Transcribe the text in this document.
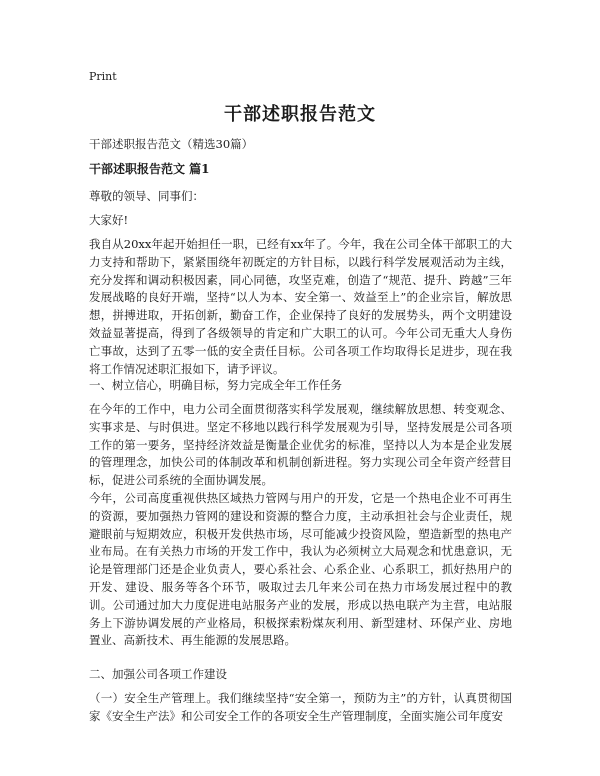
Print
干部述职报告范文
干部述职报告范文（精选30篇）
干部述职报告范文 篇1
尊敬的领导、同事们：
大家好!

我自从20xx年起开始担任一职，已经有xx年了。今年，我在公司全体干部职工的大力支持和帮助下，紧紧围绕年初既定的方针目标，以践行科学发展观活动为主线，充分发挥和调动积极因素，同心同德，攻坚克难，创造了“规范、提升、跨越”三年发展战略的良好开端，坚持“以人为本、安全第一、效益至上”的企业宗旨，解放思想，拼搏进取，开拓创新，勤奋工作，企业保持了良好的发展势头，两个文明建设效益显著提高，得到了各级领导的肯定和广大职工的认可。今年公司无重大人身伤亡事故，达到了五零一低的安全责任目标。公司各项工作均取得长足进步，现在我将工作情况述职汇报如下，请予评议。

一、树立信心，明确目标，努力完成全年工作任务

在今年的工作中，电力公司全面贯彻落实科学发展观，继续解放思想、转变观念、实事求是、与时俱进。坚定不移地以践行科学发展观为引导，坚持发展是公司各项工作的第一要务，坚持经济效益是衡量企业优劣的标准，坚持以人为本是企业发展的管理理念，加快公司的体制改革和机制创新进程。努力实现公司全年资产经营目标，促进公司系统的全面协调发展。

今年，公司高度重视供热区域热力管网与用户的开发，它是一个热电企业不可再生的资源，要加强热力管网的建设和资源的整合力度，主动承担社会与企业责任，规避眼前与短期效应，积极开发供热市场，尽可能减少投资风险，塑造新型的热电产业布局。在有关热力市场的开发工作中，我认为必须树立大局观念和忧患意识，无论是管理部门还是企业负责人，要心系社会、心系企业、心系职工，抓好热用户的开发、建设、服务等各个环节，吸取过去几年来公司在热力市场发展过程中的教训。公司通过加大力度促进电站服务产业的发展，形成以热电联产为主营，电站服务上下游协调发展的产业格局，积极探索粉煤灰利用、新型建材、环保产业、房地置业、高新技术、再生能源的发展思路。

二、加强公司各项工作建设

（一）安全生产管理上。我们继续坚持“安全第一，预防为主”的方针，认真贯彻国家《安全生产法》和公司安全工作的各项安全生产管理制度，全面实施公司年度安
